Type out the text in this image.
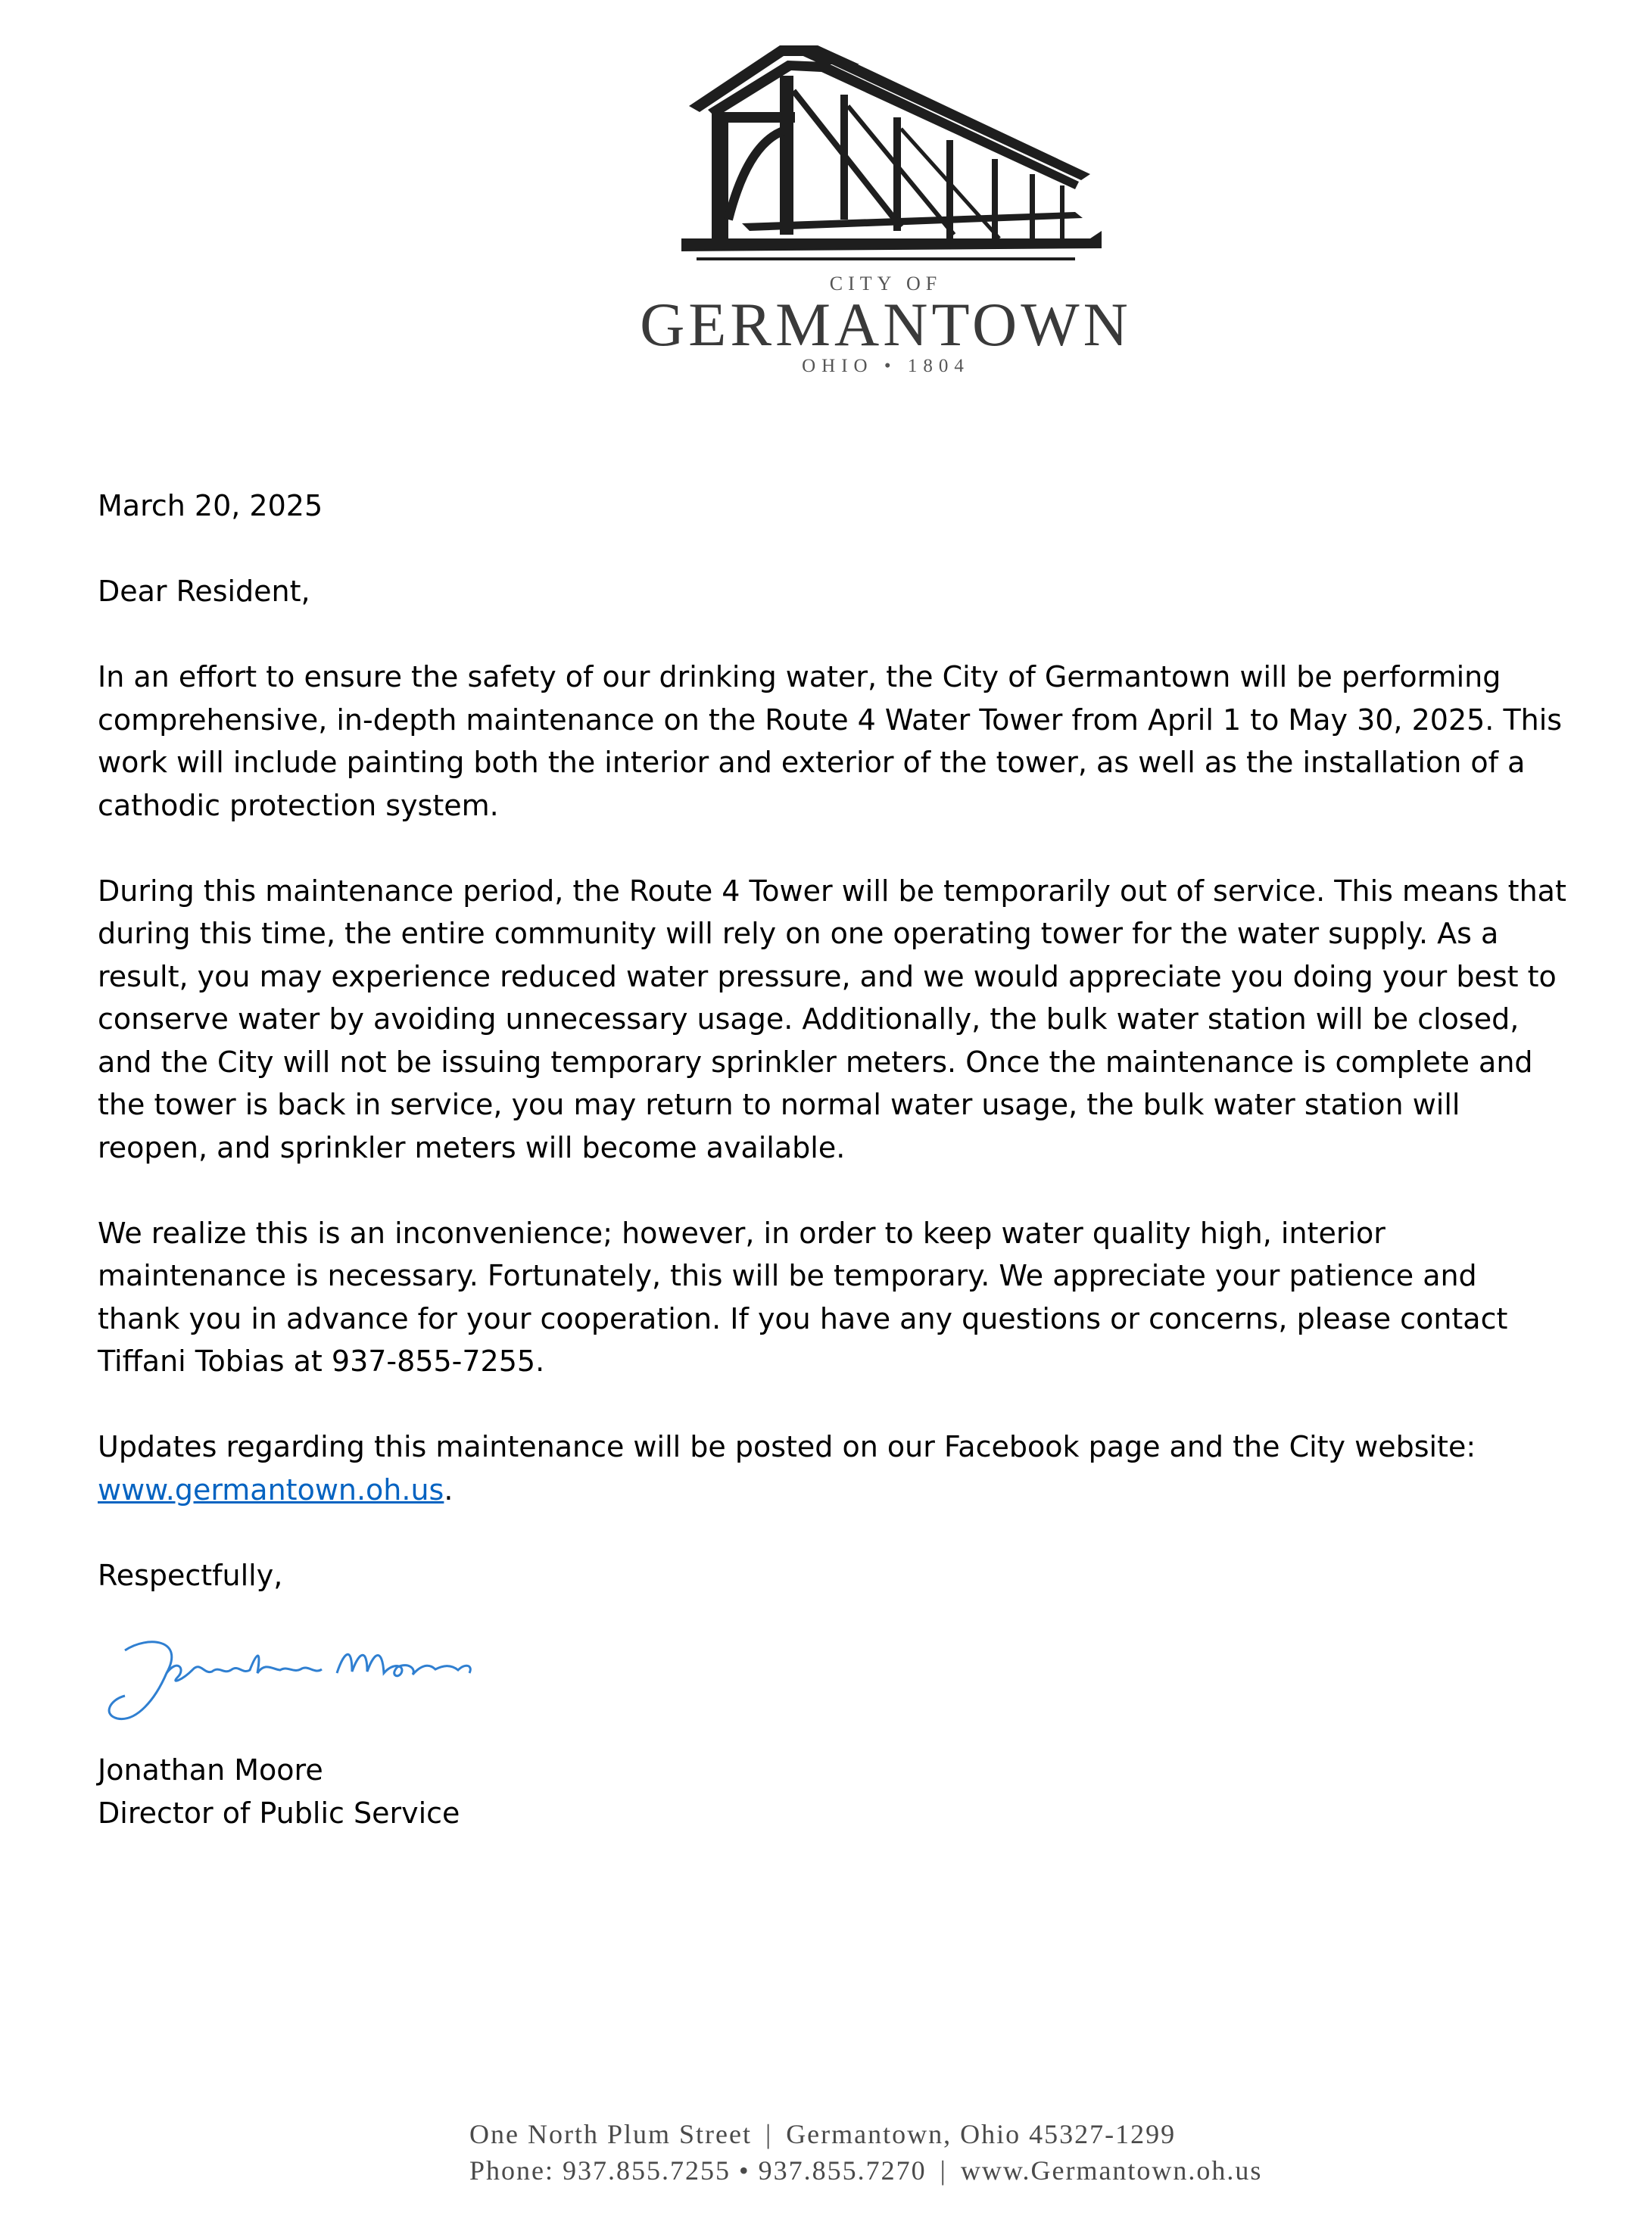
CITY OF
GERMANTOWN
OHIO • 1804

March 20, 2025

Dear Resident,

In an effort to ensure the safety of our drinking water, the City of Germantown will be performing comprehensive, in-depth maintenance on the Route 4 Water Tower from April 1 to May 30, 2025. This work will include painting both the interior and exterior of the tower, as well as the installation of a cathodic protection system.

During this maintenance period, the Route 4 Tower will be temporarily out of service. This means that during this time, the entire community will rely on one operating tower for the water supply. As a result, you may experience reduced water pressure, and we would appreciate you doing your best to conserve water by avoiding unnecessary usage. Additionally, the bulk water station will be closed, and the City will not be issuing temporary sprinkler meters. Once the maintenance is complete and the tower is back in service, you may return to normal water usage, the bulk water station will reopen, and sprinkler meters will become available.

We realize this is an inconvenience; however, in order to keep water quality high, interior maintenance is necessary. Fortunately, this will be temporary. We appreciate your patience and thank you in advance for your cooperation. If you have any questions or concerns, please contact Tiffani Tobias at 937-855-7255.

Updates regarding this maintenance will be posted on our Facebook page and the City website:
www.germantown.oh.us.

Respectfully,

Jonathan Moore
Director of Public Service
One North Plum Street | Germantown, Ohio 45327-1299
Phone: 937.855.7255 • 937.855.7270 | www.Germantown.oh.us
